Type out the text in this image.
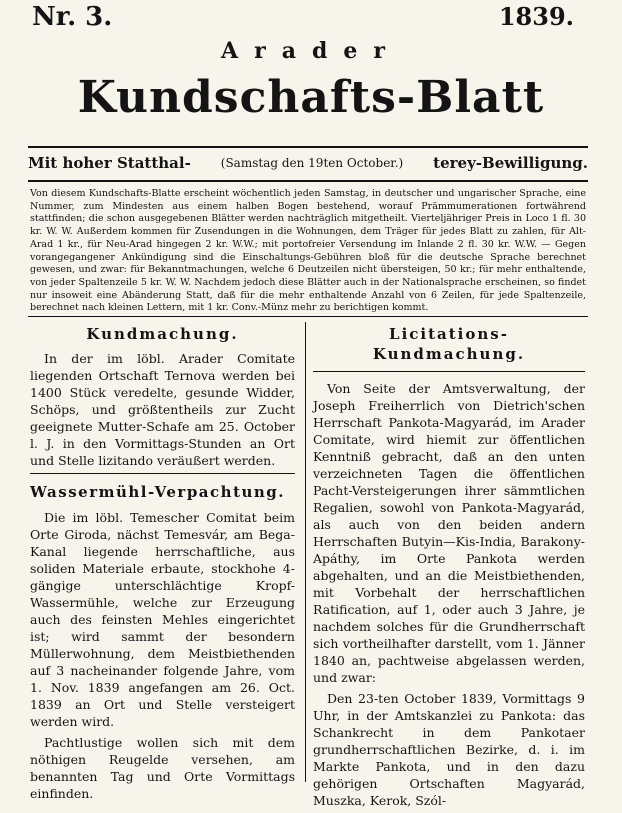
Nr. 3.	1839.
Arader
Kundschafts-Blatt
Mit hoher Statthal- (Samstag den 19ten October.) terey-Bewilligung.
Von diesem Kundschafts-Blatte erscheint wöchentlich jeden Samstag, in deutscher und ungarischer Sprache, eine Nummer, zum Mindesten aus einem halben Bogen bestehend, worauf Prämmumerationen fortwährend stattfinden; die schon ausgegebenen Blätter werden nachträglich mitgetheilt. Vierteljähriger Preis in Loco 1 fl. 30 kr. W. W. Außerdem kommen für Zusendungen in die Wohnungen, dem Träger für jedes Blatt zu zahlen, für Alt-Arad 1 kr., für Neu-Arad hingegen 2 kr. W.W.; mit portofreier Versendung im Inlande 2 fl. 30 kr. W.W. — Gegen vorangegangener Ankündigung sind die Einschaltungs-Gebühren bloß für die deutsche Sprache berechnet gewesen, und zwar: für Bekanntmachungen, welche 6 Deutzeilen nicht übersteigen, 50 kr.; für mehr enthaltende, von jeder Spaltenzeile 5 kr. W. W. Nachdem jedoch diese Blätter auch in der Nationalsprache erscheinen, so findet nur insoweit eine Abänderung Statt, daß für die mehr enthaltende Anzahl von 6 Zeilen, für jede Spaltenzeile, berechnet nach kleinen Lettern, mit 1 kr. Conv.-Münz mehr zu berichtigen kommt.
Kundmachung.

In der im löbl. Arader Comitate liegenden Ortschaft Ternova werden bei 1400 Stück veredelte, gesunde Widder, Schöps, und größtentheils zur Zucht geeignete Mutter-Schafe am 25. October l. J. in den Vormittags-Stunden an Ort und Stelle lizitando veräußert werden.

Wassermühl-Verpachtung.

Die im löbl. Temescher Comitat beim Orte Giroda, nächst Temesvár, am Bega-Kanal liegende herrschaftliche, aus soliden Materiale erbaute, stockhohe 4-gängige unterschlächtige Kropf-Wassermühle, welche zur Erzeugung auch des feinsten Mehles eingerichtet ist; wird sammt der besondern Müllerwohnung, dem Meistbiethenden auf 3 nacheinander folgende Jahre, vom 1. Nov. 1839 angefangen am 26. Oct. 1839 an Ort und Stelle versteigert werden wird.

Pachtlustige wollen sich mit dem nöthigen Reugelde versehen, am benannten Tag und Orte Vormittags einfinden.

Licitations-Kundmachung.

Von Seite der Amtsverwaltung, der Joseph Freiherrlich von Dietrich'schen Herrschaft Pankota-Magyarád, im Arader Comitate, wird hiemit zur öffentlichen Kenntniß gebracht, daß an den unten verzeichneten Tagen die öffentlichen Pacht-Versteigerungen ihrer sämmtlichen Regalien, sowohl von Pankota-Magyarád, als auch von den beiden andern Herrschaften Butyin—Kis-India, Barakony-Apáthy, im Orte Pankota werden abgehalten, und an die Meistbiethenden, mit Vorbehalt der herrschaftlichen Ratification, auf 1, oder auch 3 Jahre, je nachdem solches für die Grundherrschaft sich vortheilhafter darstellt, vom 1. Jänner 1840 an, pachtweise abgelassen werden, und zwar:

Den 23-ten October 1839, Vormittags 9 Uhr, in der Amtskanzlei zu Pankota: das Schankrecht in dem Pankotaer grundherrschaftlichen Bezirke, d. i. im Markte Pankota, und in den dazu gehörigen Ortschaften Magyarád, Muszka, Kerok, Szól-
